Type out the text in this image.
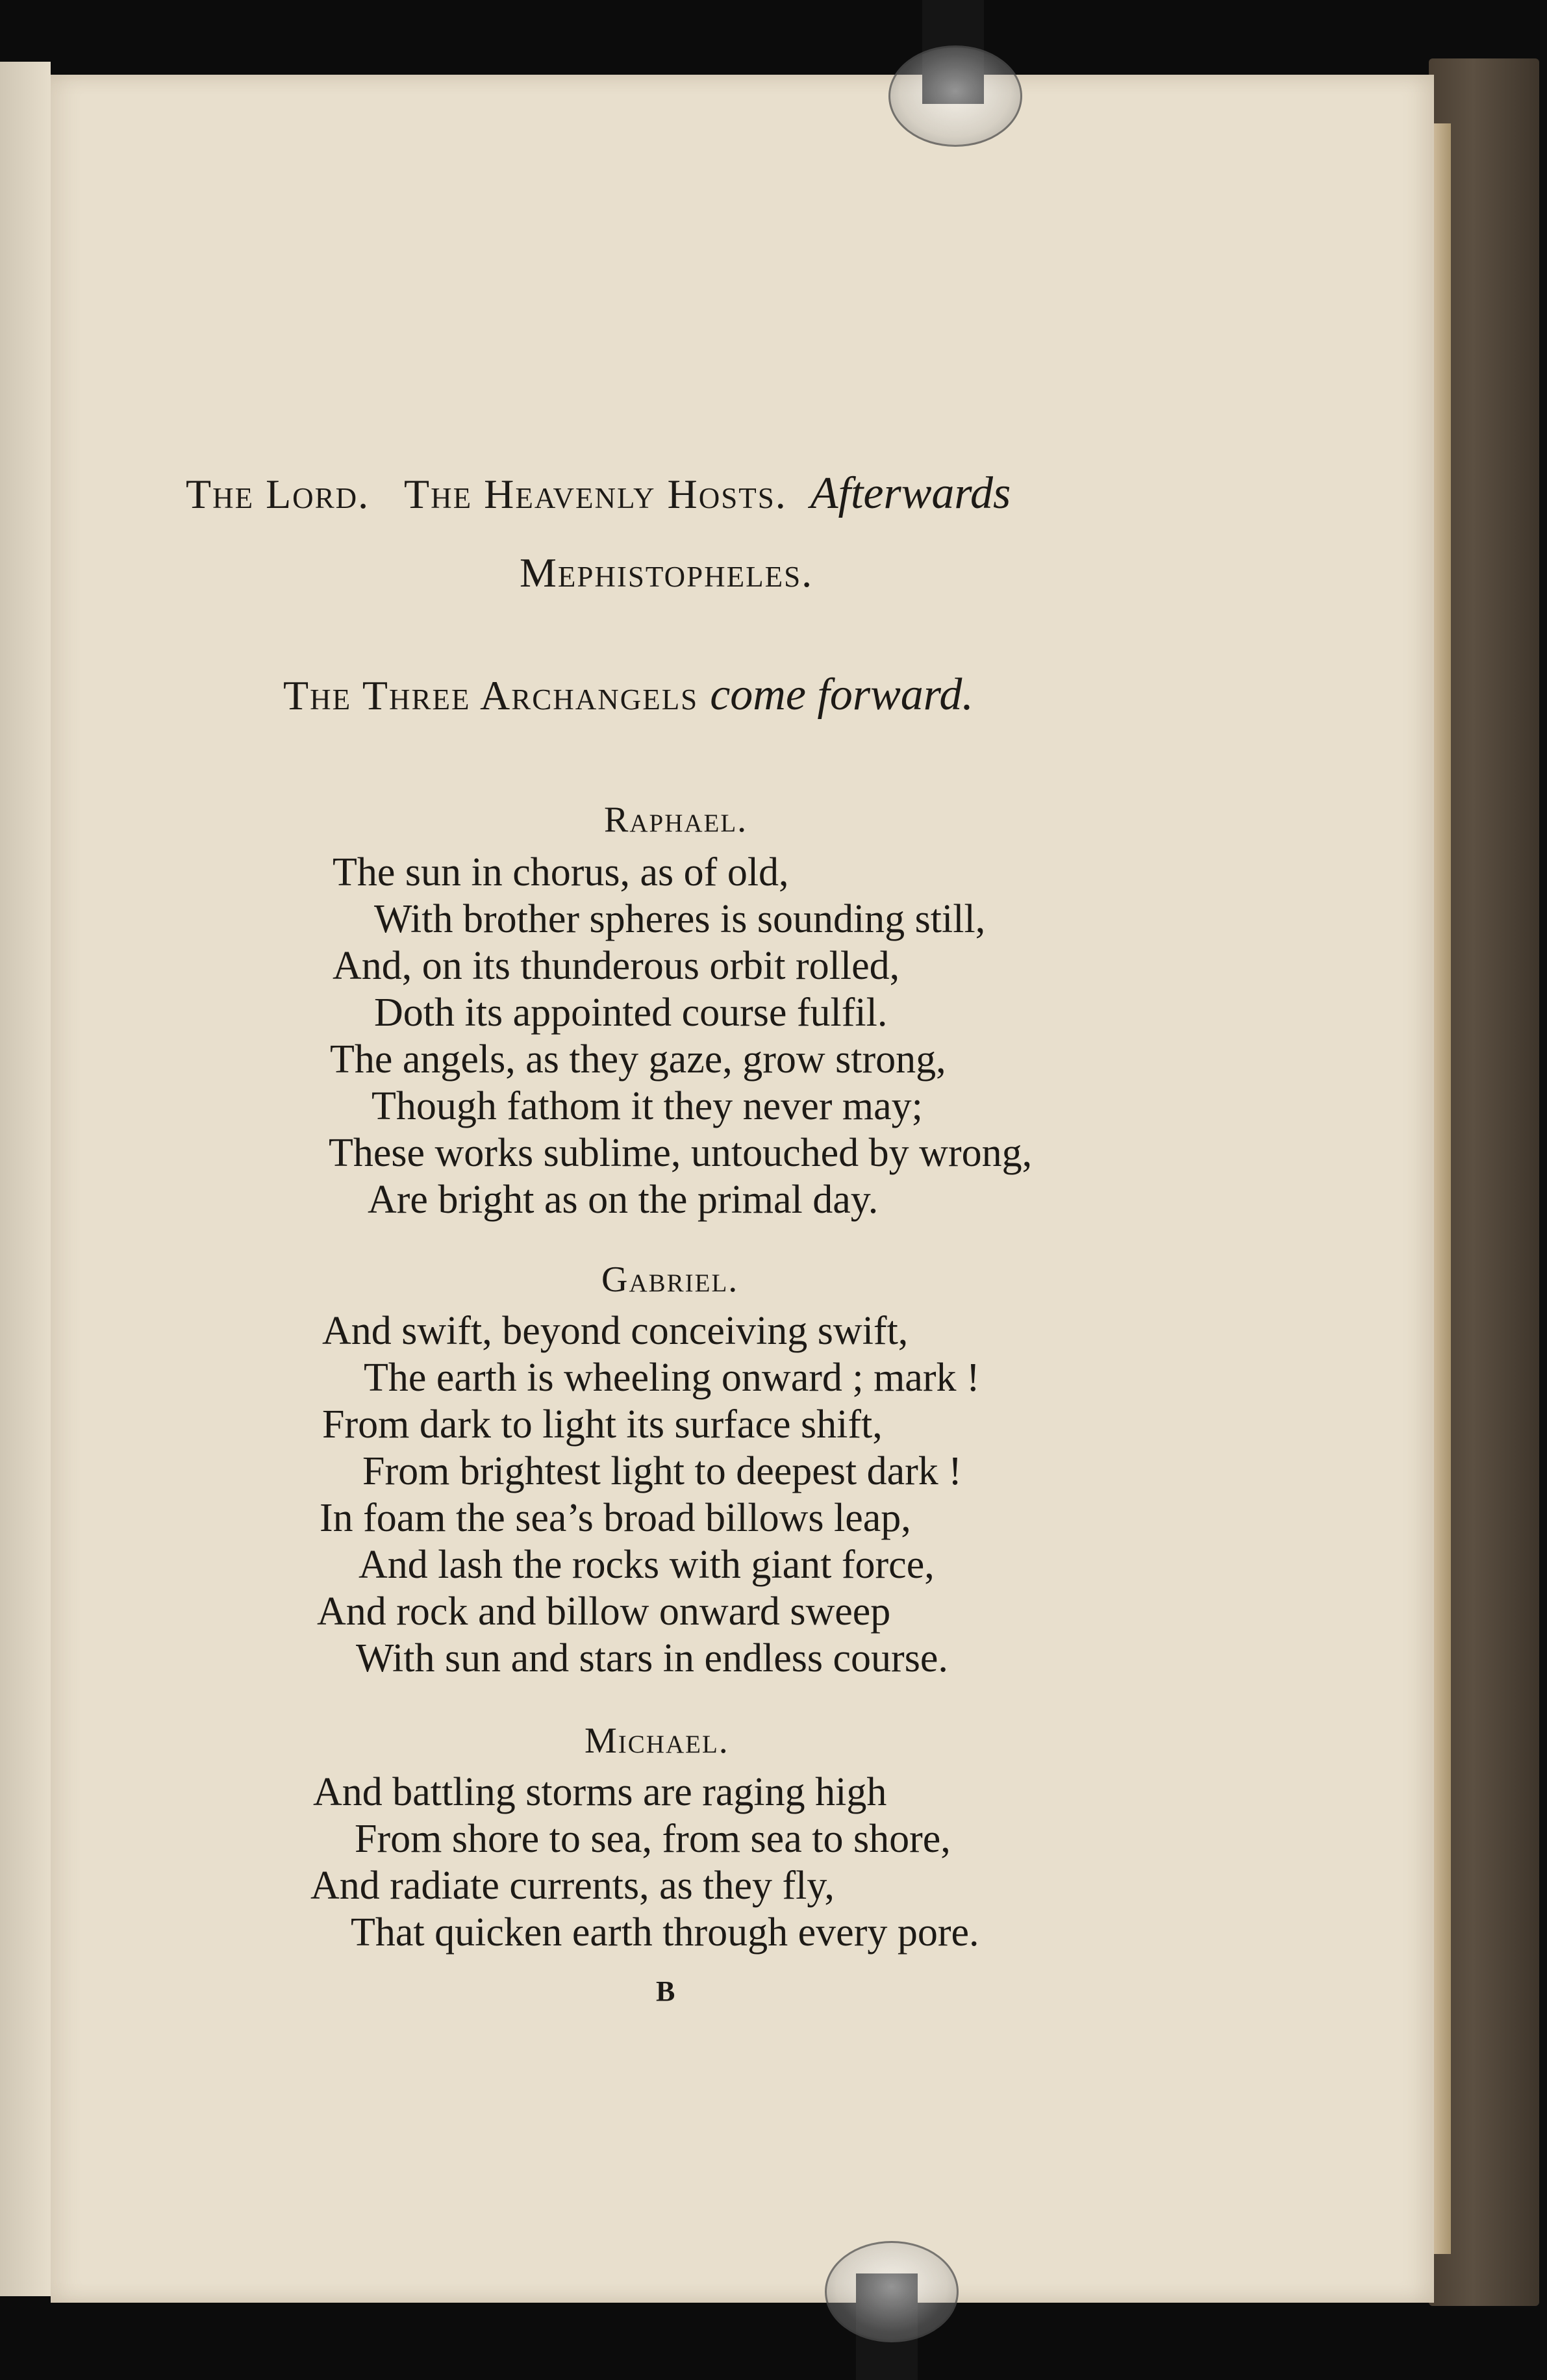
The Lord. The Heavenly Hosts. Afterwards
Mephistopheles.
The Three Archangels come forward.
Raphael.
The sun in chorus, as of old,
With brother spheres is sounding still,
And, on its thunderous orbit rolled,
Doth its appointed course fulfil.
The angels, as they gaze, grow strong,
Though fathom it they never may;
These works sublime, untouched by wrong,
Are bright as on the primal day.
Gabriel.
And swift, beyond conceiving swift,
The earth is wheeling onward ; mark !
From dark to light its surface shift,
From brightest light to deepest dark !
In foam the sea’s broad billows leap,
And lash the rocks with giant force,
And rock and billow onward sweep
With sun and stars in endless course.
Michael.
And battling storms are raging high
From shore to sea, from sea to shore,
And radiate currents, as they fly,
That quicken earth through every pore.
B
